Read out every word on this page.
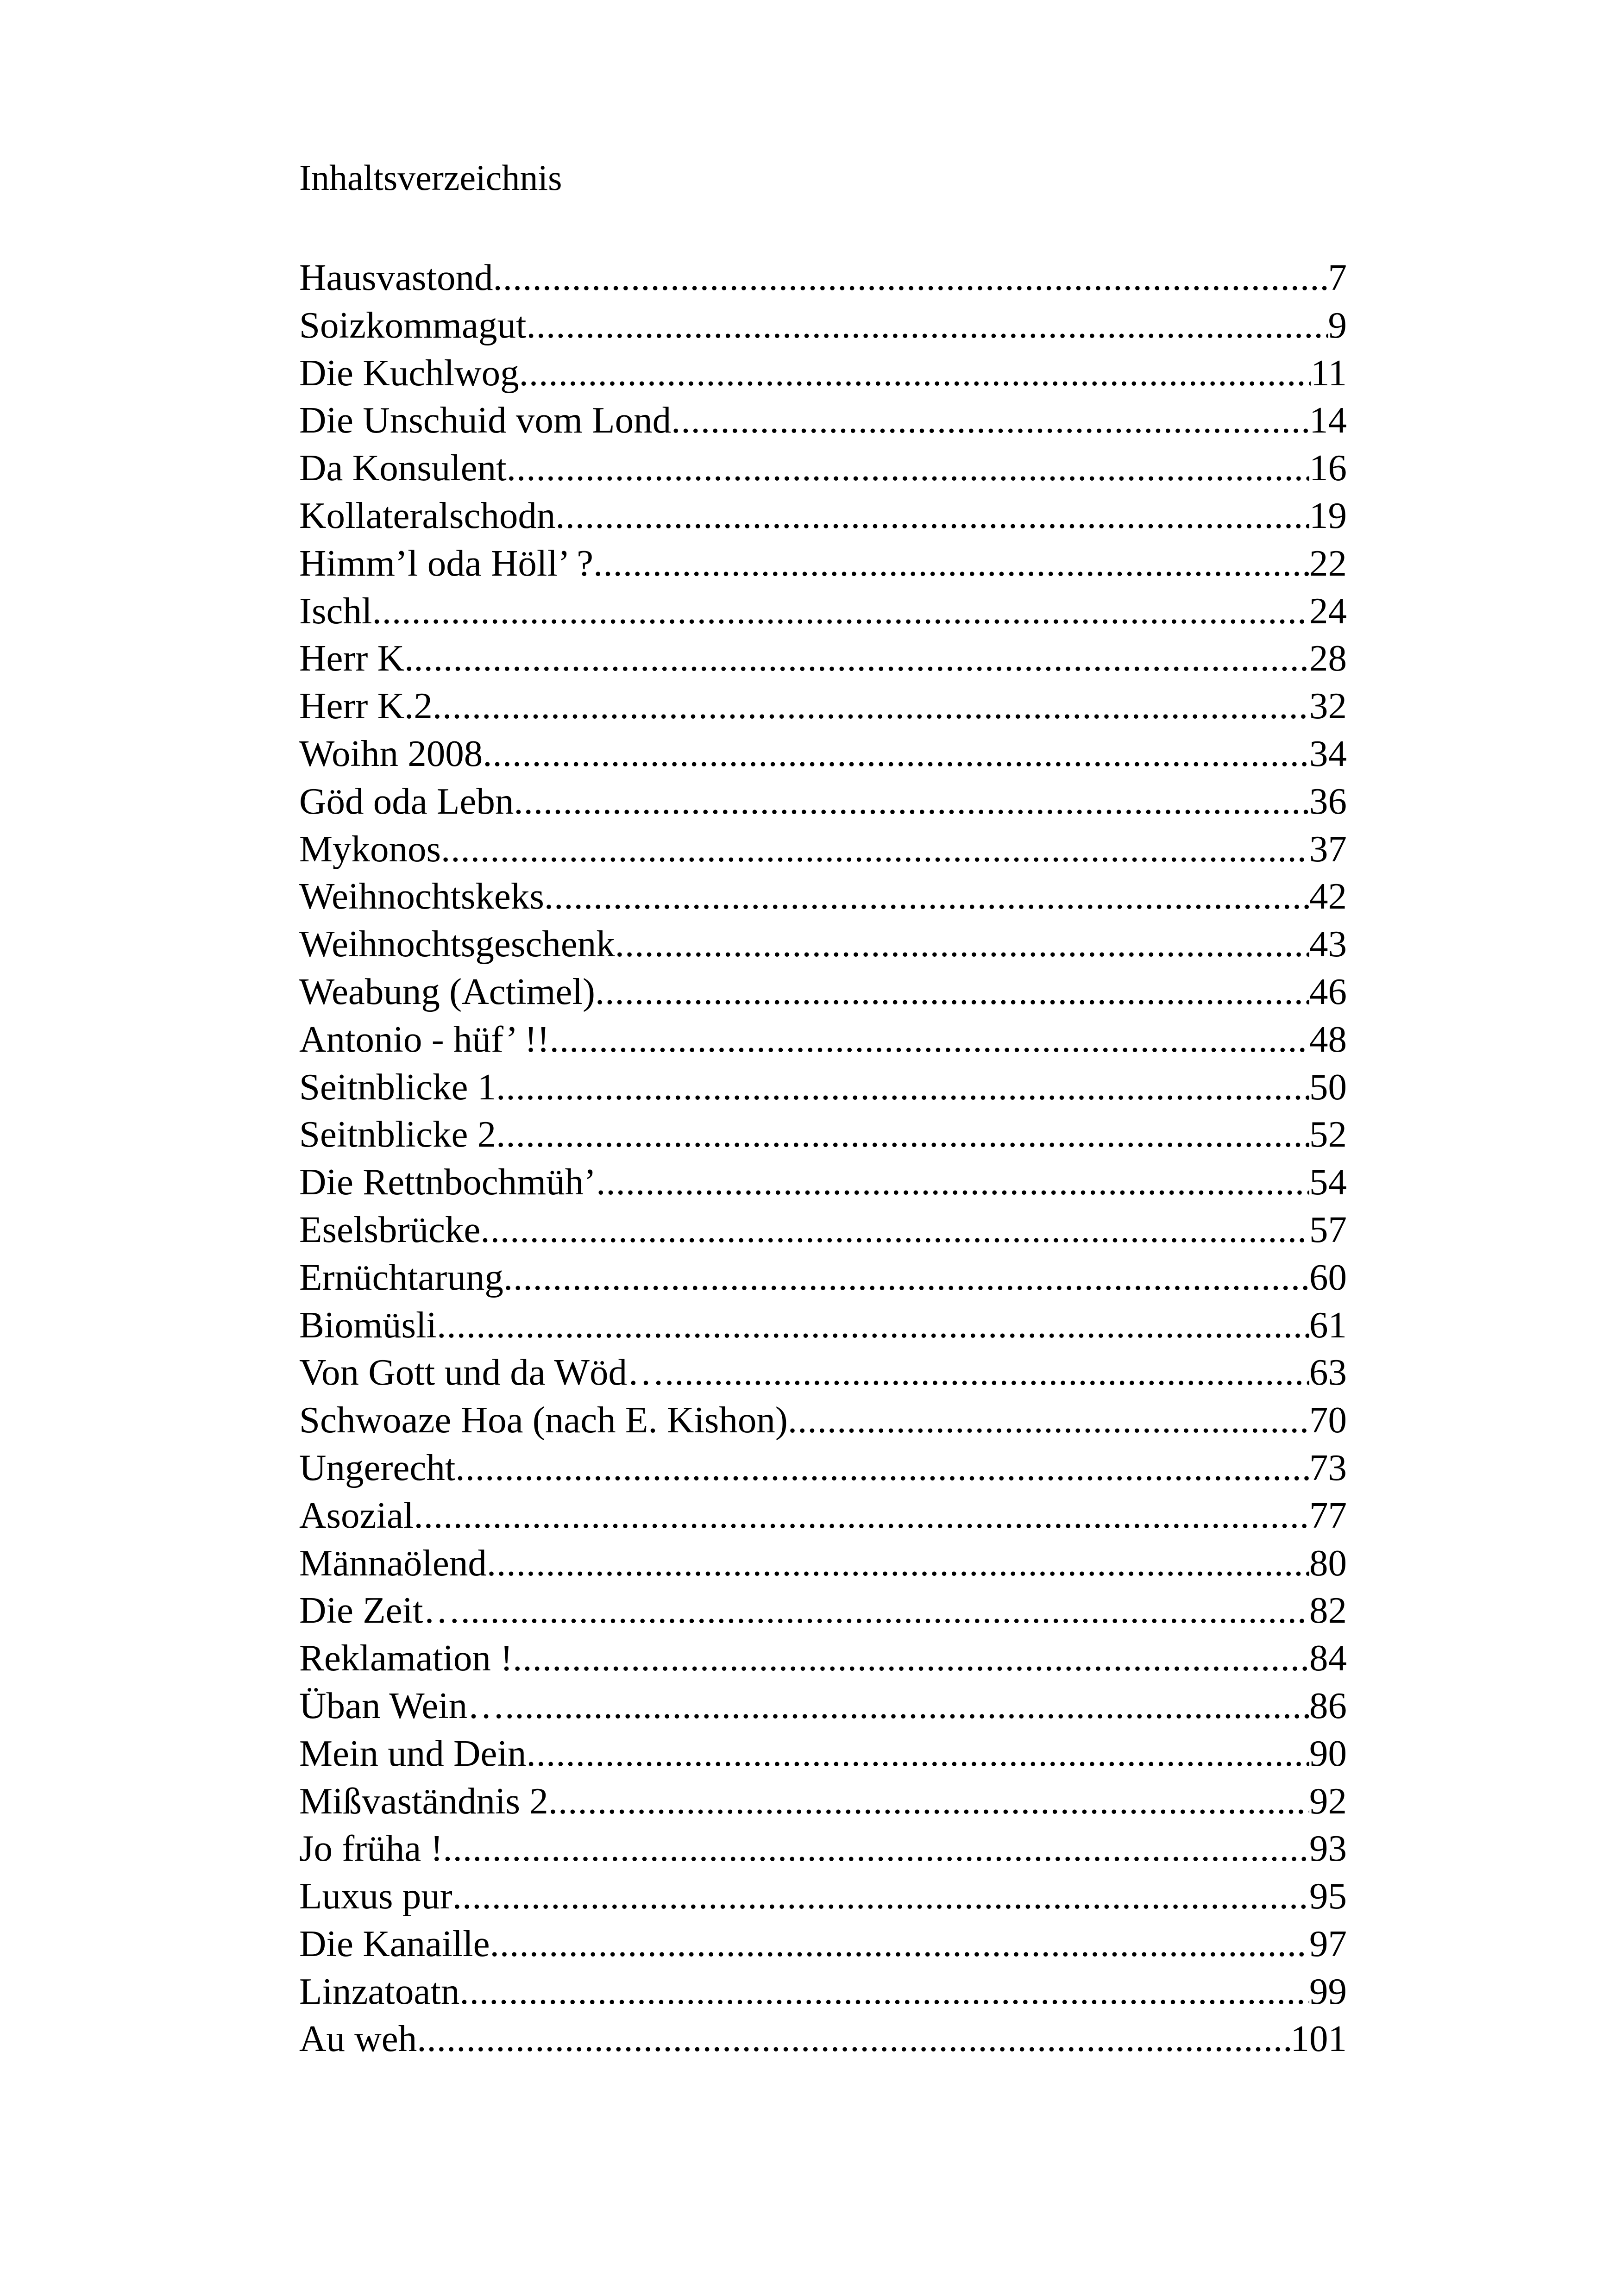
Inhaltsverzeichnis
Hausvastond .....	7
Soizkommagut .....	9
Die Kuchlwog .....	11
Die Unschuid vom Lond .....	14
Da Konsulent .....	16
Kollateralschodn .....	19
Himm’l oda Höll’ ? .....	22
Ischl .....	24
Herr K. .....	28
Herr K.2 .....	32
Woihn 2008 .....	34
Göd oda Lebn .....	36
Mykonos .....	37
Weihnochtskeks .....	42
Weihnochtsgeschenk .....	43
Weabung (Actimel) .....	46
Antonio - hüf’ !! .....	48
Seitnblicke 1 .....	50
Seitnblicke 2 .....	52
Die Rettnbochmüh’ .....	54
Eselsbrücke .....	57
Ernüchtarung .....	60
Biomüsli .....	61
Von Gott und da Wöd… .....	63
Schwoaze Hoa (nach E. Kishon) .....	70
Ungerecht .....	73
Asozial .....	77
Männaölend .....	80
Die Zeit… .....	82
Reklamation ! .....	84
Üban Wein… .....	86
Mein und Dein .....	90
Mißvaständnis 2 .....	92
Jo früha ! .....	93
Luxus pur .....	95
Die Kanaille .....	97
Linzatoatn .....	99
Au weh .....	101
